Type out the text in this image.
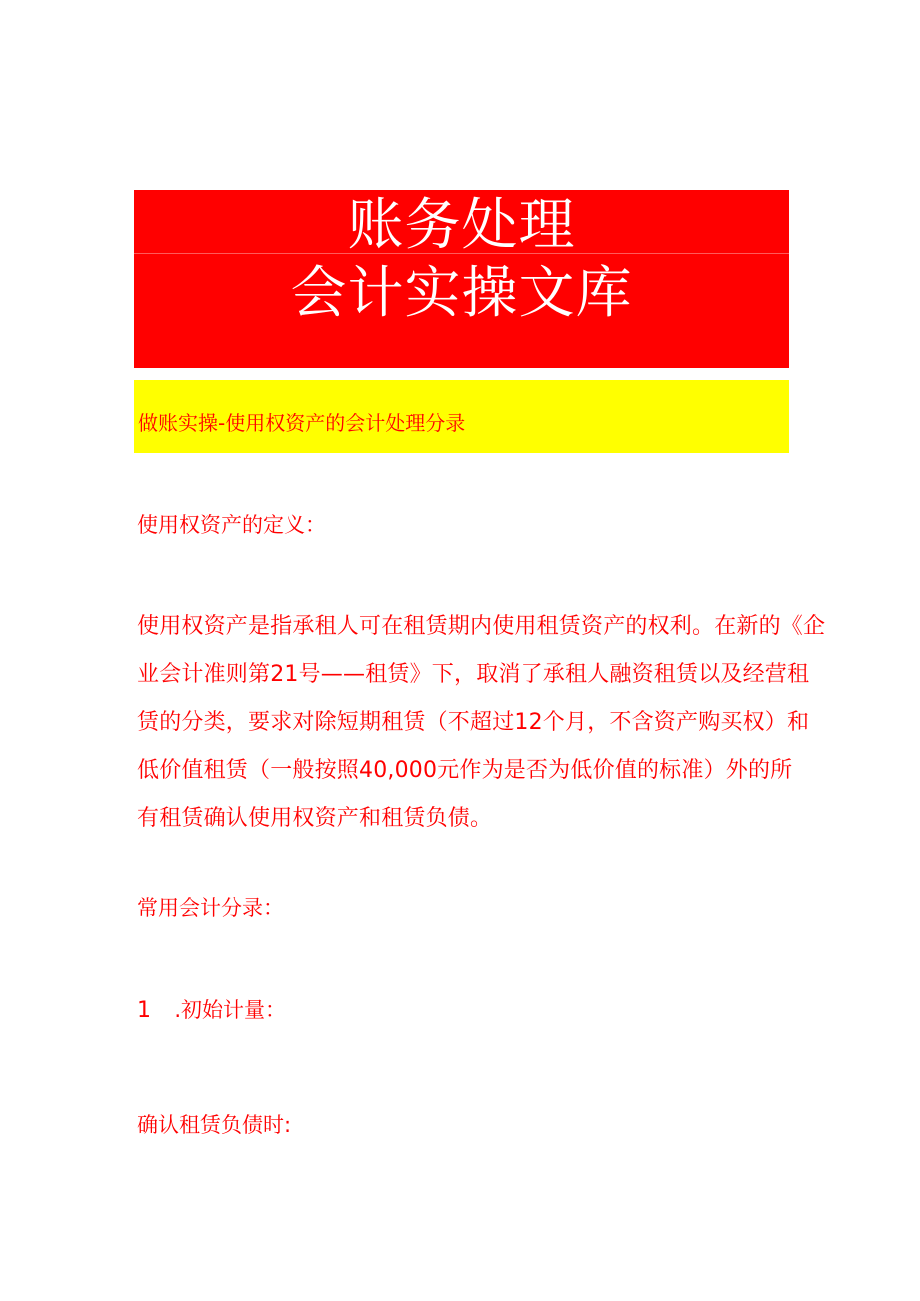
账务处理
会计实操文库
做账实操-使用权资产的会计处理分录
使用权资产的定义：
使用权资产是指承租人可在租赁期内使用租赁资产的权利。在新的《企
业会计准则第21号——租赁》下，取消了承租人融资租赁以及经营租
赁的分类，要求对除短期租赁（不超过12个月，不含资产购买权）和
低价值租赁（一般按照40,000元作为是否为低价值的标准）外的所
有租赁确认使用权资产和租赁负债。
常用会计分录：
1 .初始计量：
确认租赁负债时:
